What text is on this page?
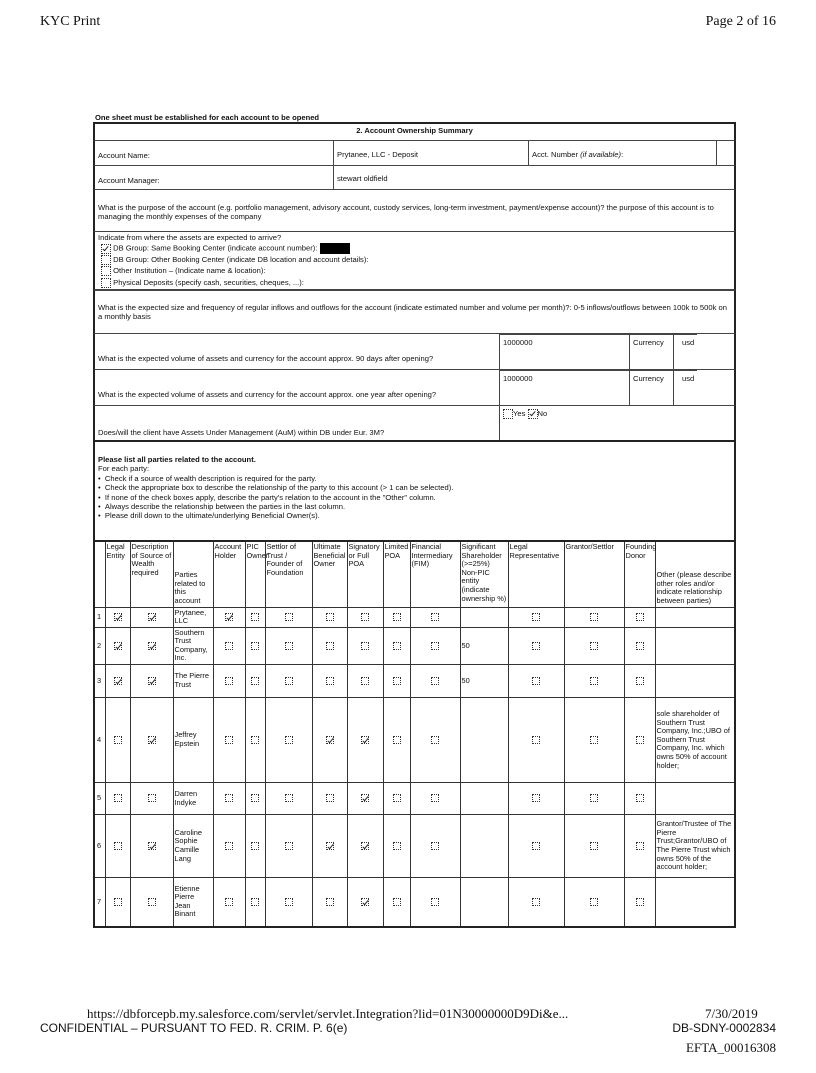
KYC Print	Page 2 of 16
One sheet must be established for each account to be opened
2. Account Ownership Summary
Account Name:	Prytanee, LLC - Deposit	Acct. Number (if available):
Account Manager:	stewart oldfield
What is the purpose of the account (e.g. portfolio management, advisory account, custody services, long-term investment, payment/expense account)? the purpose of this account is to managing the monthly expenses of the company
Indicate from where the assets are expected to arrive?
DB Group: Same Booking Center (indicate account number):
DB Group: Other Booking Center (indicate DB location and account details):
Other Institution – (Indicate name & location):
Physical Deposits (specify cash, securities, cheques, ...):
What is the expected size and frequency of regular inflows and outflows for the account (indicate estimated number and volume per month)?: 0-5 inflows/outflows between 100k to 500k on a monthly basis
What is the expected volume of assets and currency for the account approx. 90 days after opening?
1000000	Currency	usd
What is the expected volume of assets and currency for the account approx. one year after opening?
1000000	Currency	usd
Does/will the client have Assets Under Management (AuM) within DB under Eur. 3M?
Yes No
Please list all parties related to the account.
For each party:
•  Check if a source of wealth description is required for the party.
•  Check the appropriate box to describe the relationship of the party to this account (> 1 can be selected).
•  If none of the check boxes apply, describe the party's relation to the account in the "Other" column.
•  Always describe the relationship between the parties in the last column.
•  Please drill down to the ultimate/underlying Beneficial Owner(s).
	Legal Entity	Description of Source of Wealth required	Parties related to this account	Account Holder	PIC Owner	Settlor of Trust / Founder of Foundation	Ultimate Beneficial Owner	Signatory or Full POA	Limited POA	Financial Intermediary (FIM)	Significant Shareholder (>=25%) Non-PIC entity (indicate ownership %)	Legal Representative	Grantor/Settlor	Founding Donor	Other (please describe other roles and/or indicate relationship between parties)
1			Prytanee, LLC												
2			Southern Trust Company, Inc.								50				
3			The Pierre Trust								50				
4			Jeffrey Epstein												sole shareholder of Southern Trust Company, Inc.;UBO of Southern Trust Company, Inc. which owns 50% of account holder;
5			Darren Indyke												
6			Caroline Sophie Camille Lang												Grantor/Trustee of The Pierre Trust;Grantor/UBO of The Pierre Trust which owns 50% of the account holder;
7			Etienne Pierre Jean Binant												
https://dbforcepb.my.salesforce.com/servlet/servlet.Integration?lid=01N30000000D9Di&e...	7/30/2019
CONFIDENTIAL – PURSUANT TO FED. R. CRIM. P. 6(e)	DB-SDNY-0002834
EFTA_00016308
